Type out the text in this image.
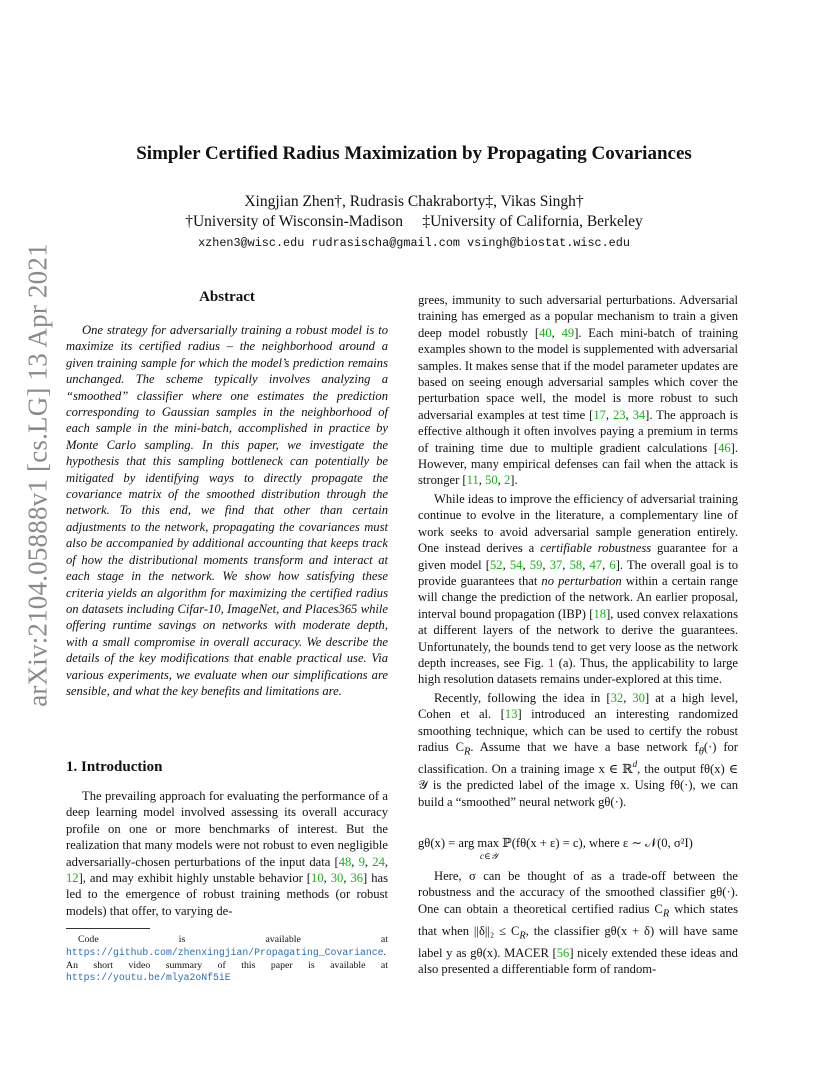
arXiv:2104.05888v1 [cs.LG] 13 Apr 2021
Simpler Certified Radius Maximization by Propagating Covariances
Xingjian Zhen†, Rudrasis Chakraborty‡, Vikas Singh†
†University of Wisconsin-Madison ‡University of California, Berkeley
xzhen3@wisc.edu rudrasischa@gmail.com vsingh@biostat.wisc.edu
Abstract

One strategy for adversarially training a robust model is to maximize its certified radius – the neighborhood around a given training sample for which the model’s prediction remains unchanged. The scheme typically involves analyzing a “smoothed” classifier where one estimates the prediction corresponding to Gaussian samples in the neighborhood of each sample in the mini-batch, accomplished in practice by Monte Carlo sampling. In this paper, we investigate the hypothesis that this sampling bottleneck can potentially be mitigated by identifying ways to directly propagate the covariance matrix of the smoothed distribution through the network. To this end, we find that other than certain adjustments to the network, propagating the covariances must also be accompanied by additional accounting that keeps track of how the distributional moments transform and interact at each stage in the network. We show how satisfying these criteria yields an algorithm for maximizing the certified radius on datasets including Cifar-10, ImageNet, and Places365 while offering runtime savings on networks with moderate depth, with a small compromise in overall accuracy. We describe the details of the key modifications that enable practical use. Via various experiments, we evaluate when our simplifications are sensible, and what the key benefits and limitations are.

1. Introduction

The prevailing approach for evaluating the performance of a deep learning model involved assessing its overall accuracy profile on one or more benchmarks of interest. But the realization that many models were not robust to even negligible adversarially-chosen perturbations of the input data [48, 9, 24, 12], and may exhibit highly unstable behavior [10, 30, 36] has led to the emergence of robust training methods (or robust models) that offer, to varying de-

Code is available at https://github.com/zhenxingjian/Propagating_Covariance. An short video summary of this paper is available at https://youtu.be/mlya2oNf5iE

grees, immunity to such adversarial perturbations. Adversarial training has emerged as a popular mechanism to train a given deep model robustly [40, 49]. Each mini-batch of training examples shown to the model is supplemented with adversarial samples. It makes sense that if the model parameter updates are based on seeing enough adversarial samples which cover the perturbation space well, the model is more robust to such adversarial examples at test time [17, 23, 34]. The approach is effective although it often involves paying a premium in terms of training time due to multiple gradient calculations [46]. However, many empirical defenses can fail when the attack is stronger [11, 50, 2].

While ideas to improve the efficiency of adversarial training continue to evolve in the literature, a complementary line of work seeks to avoid adversarial sample generation entirely. One instead derives a certifiable robustness guarantee for a given model [52, 54, 59, 37, 58, 47, 6]. The overall goal is to provide guarantees that no perturbation within a certain range will change the prediction of the network. An earlier proposal, interval bound propagation (IBP) [18], used convex relaxations at different layers of the network to derive the guarantees. Unfortunately, the bounds tend to get very loose as the network depth increases, see Fig. 1 (a). Thus, the applicability to large high resolution datasets remains under-explored at this time.

Recently, following the idea in [32, 30] at a high level, Cohen et al. [13] introduced an interesting randomized smoothing technique, which can be used to certify the robust radius $C_R$. Assume that we have a base network $f_\theta(\cdot)$ for classification. On a training image x ∈ ℝ$^d$, the output fθ(x) ∈ 𝒴 is the predicted label of the image x. Using fθ(·), we can build a “smoothed” neural network gθ(·).

gθ(x) = arg max ℙ(fθ(x + ε) = c), where ε ∼ 𝒩(0, σ²I)
c∈𝒴

Here, σ can be thought of as a trade-off between the robustness and the accuracy of the smoothed classifier gθ(·). One can obtain a theoretical certified radius $C_R$ which states that when $||\delta||_2 \le C_R$, the classifier gθ(x + δ) will have same label y as gθ(x). MACER [56] nicely extended these ideas and also presented a differentiable form of random-
